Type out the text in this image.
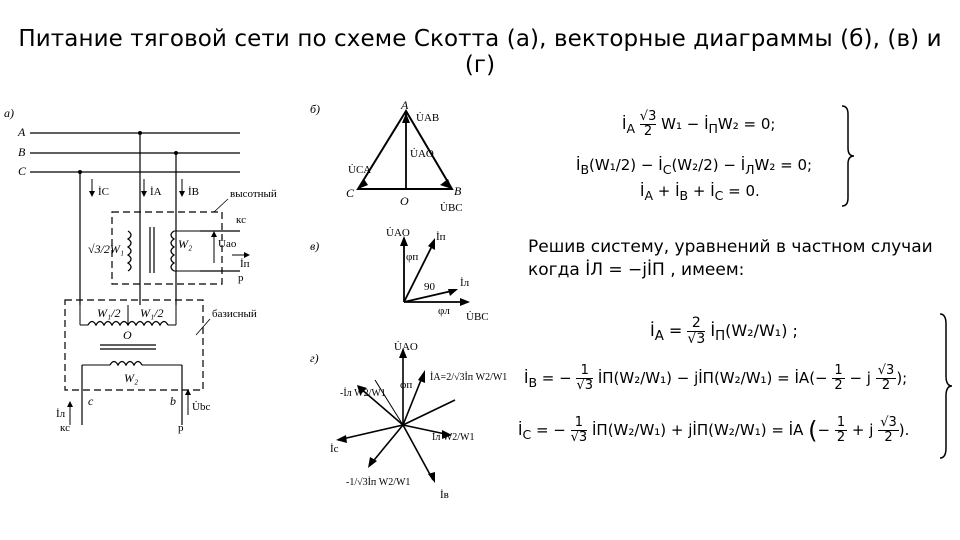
Питание тяговой сети по схеме Скотта (а), векторные диаграммы (б), (в) и (г)
а)
A
B
C
İC	İA İB	высотный
√3/2W₁	W₂
кс
U̇ао
İп
р
базисный
W₁/2 W₁/2
O
W₂
İл
c	b U̇bc
кс	р
б)	A
C	B
O
U̇AB
U̇AO
U̇CA
U̇BC
в)
U̇AO İп
φп
90
φл
İл
U̇BC
г)
U̇AO
φп
İA=2/√3İп W2/W1
-İл W2/W1
İc
İл W2/W1
-1/√3İп W2/W1
İв
$İ_A \frac{√3}{2} W_1$ − $İ_ПW_2 = 0$;
$İ_B(W_1/2)$ − $İ_C(W_2/2)$ − $İ_ЛW_2 = 0$;
$İ_A$ + $İ_B$ + $İ_C = 0$.
Решив систему, уравнений в частном случаи
когда İЛ = −jİП , имеем:
$İ_A = \frac{2}{√3}$ $İ_П(W_2/W_1)$ ;
$İ_B$ = − $\frac{1}{√3}$ İП(W₂/W₁) − jİП(W₂/W₁) = İA(− $\frac{1}{2} - j \frac{√3}{2}$ );
$İ_C$ = − $\frac{1}{√3}$ İП(W₂/W₁) + jİП(W₂/W₁) = İA (− $\frac{1}{2} + j \frac{√3}{2}$ ).
